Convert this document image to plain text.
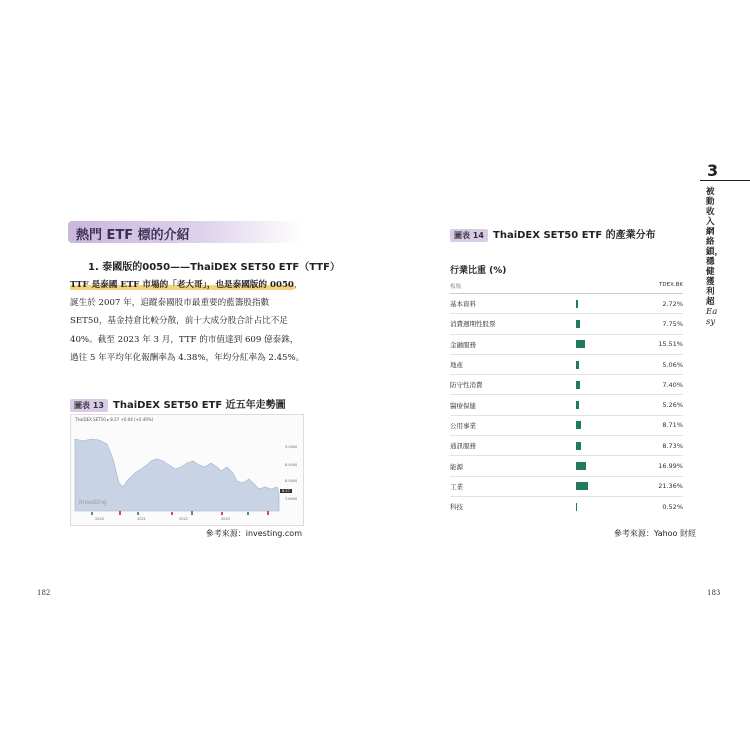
熱門 ETF 標的介紹
1. 泰國版的0050——ThaiDEX SET50 ETF（TTF）
TTF 是泰國 ETF 市場的「老大哥」，也是泰國版的 0050，誕生於 2007 年，追蹤泰國股市最重要的藍籌股指數 SET50，基金持倉比較分散，前十大成分股合計占比不足 40%。截至 2023 年 3 月，TTF 的市值達到 609 億泰銖，過往 5 年平均年化報酬率為 4.38%，年均分紅率為 2.45%。
圖表 13 ThaiDEX SET50 ETF 近五年走勢圖
ThaiDEX SET50 ▸ 8.27 +0.04 (+0.49%)
Investing
9.0000
8.4000
8.0000
8.27
7.6000
2020	2021	2022	2023
參考來源：investing.com
182
3
被動收入網絡鎖，穩健獲利超Easy
圖表 14 ThaiDEX SET50 ETF 的產業分布
行業比重 (%)
板塊	TDEX.BK
基本資料	2.72%
消費週期性股票	7.75%
金融服務	15.51%
地產	5.06%
防守性消費	7.40%
醫療保健	5.26%
公用事業	8.71%
通訊服務	8.73%
能源	16.99%
工業	21.36%
科技	0.52%
參考來源：Yahoo 財經
183
